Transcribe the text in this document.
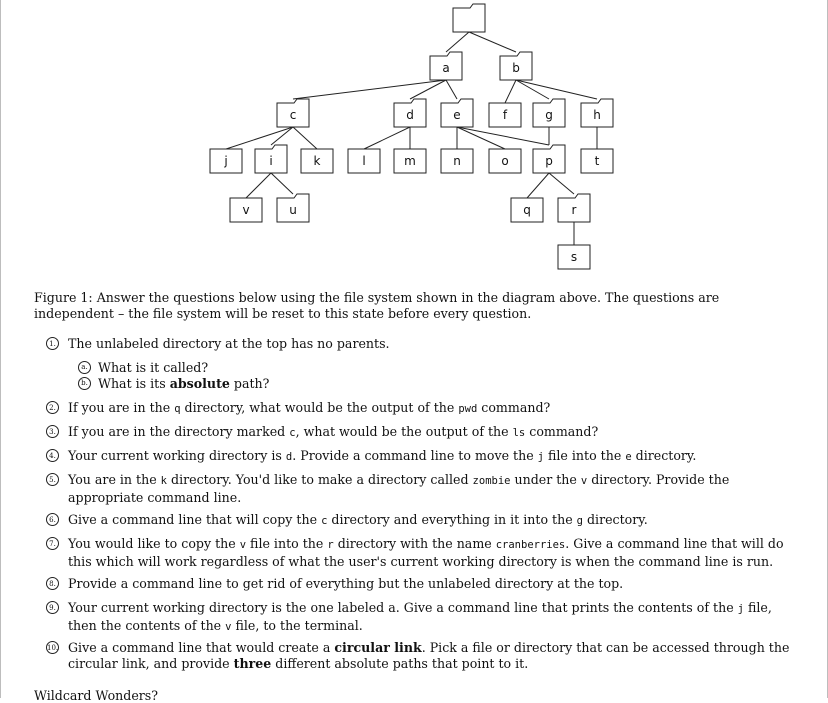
a	b
c	d	e	f	g	h
j	i	k	l	m	n	o	p	t
v	u	q	r
s
Figure 1: Answer the questions below using the file system shown in the diagram above. The questions are independent – the file system will be reset to this state before every question.
1. The unlabeled directory at the top has no parents.
a. What is it called?
b. What is its absolute path?
2. If you are in the q directory, what would be the output of the pwd command?
3. If you are in the directory marked c, what would be the output of the ls command?
4. Your current working directory is d. Provide a command line to move the j file into the e directory.
5. You are in the k directory. You'd like to make a directory called zombie under the v directory. Provide the appropriate command line.
6. Give a command line that will copy the c directory and everything in it into the g directory.
7. You would like to copy the v file into the r directory with the name cranberries. Give a command line that will do this which will work regardless of what the user's current working directory is when the command line is run.
8. Provide a command line to get rid of everything but the unlabeled directory at the top.
9. Your current working directory is the one labeled a. Give a command line that prints the contents of the j file, then the contents of the v file, to the terminal.
10. Give a command line that would create a circular link. Pick a file or directory that can be accessed through the circular link, and provide three different absolute paths that point to it.
Wildcard Wonders?
